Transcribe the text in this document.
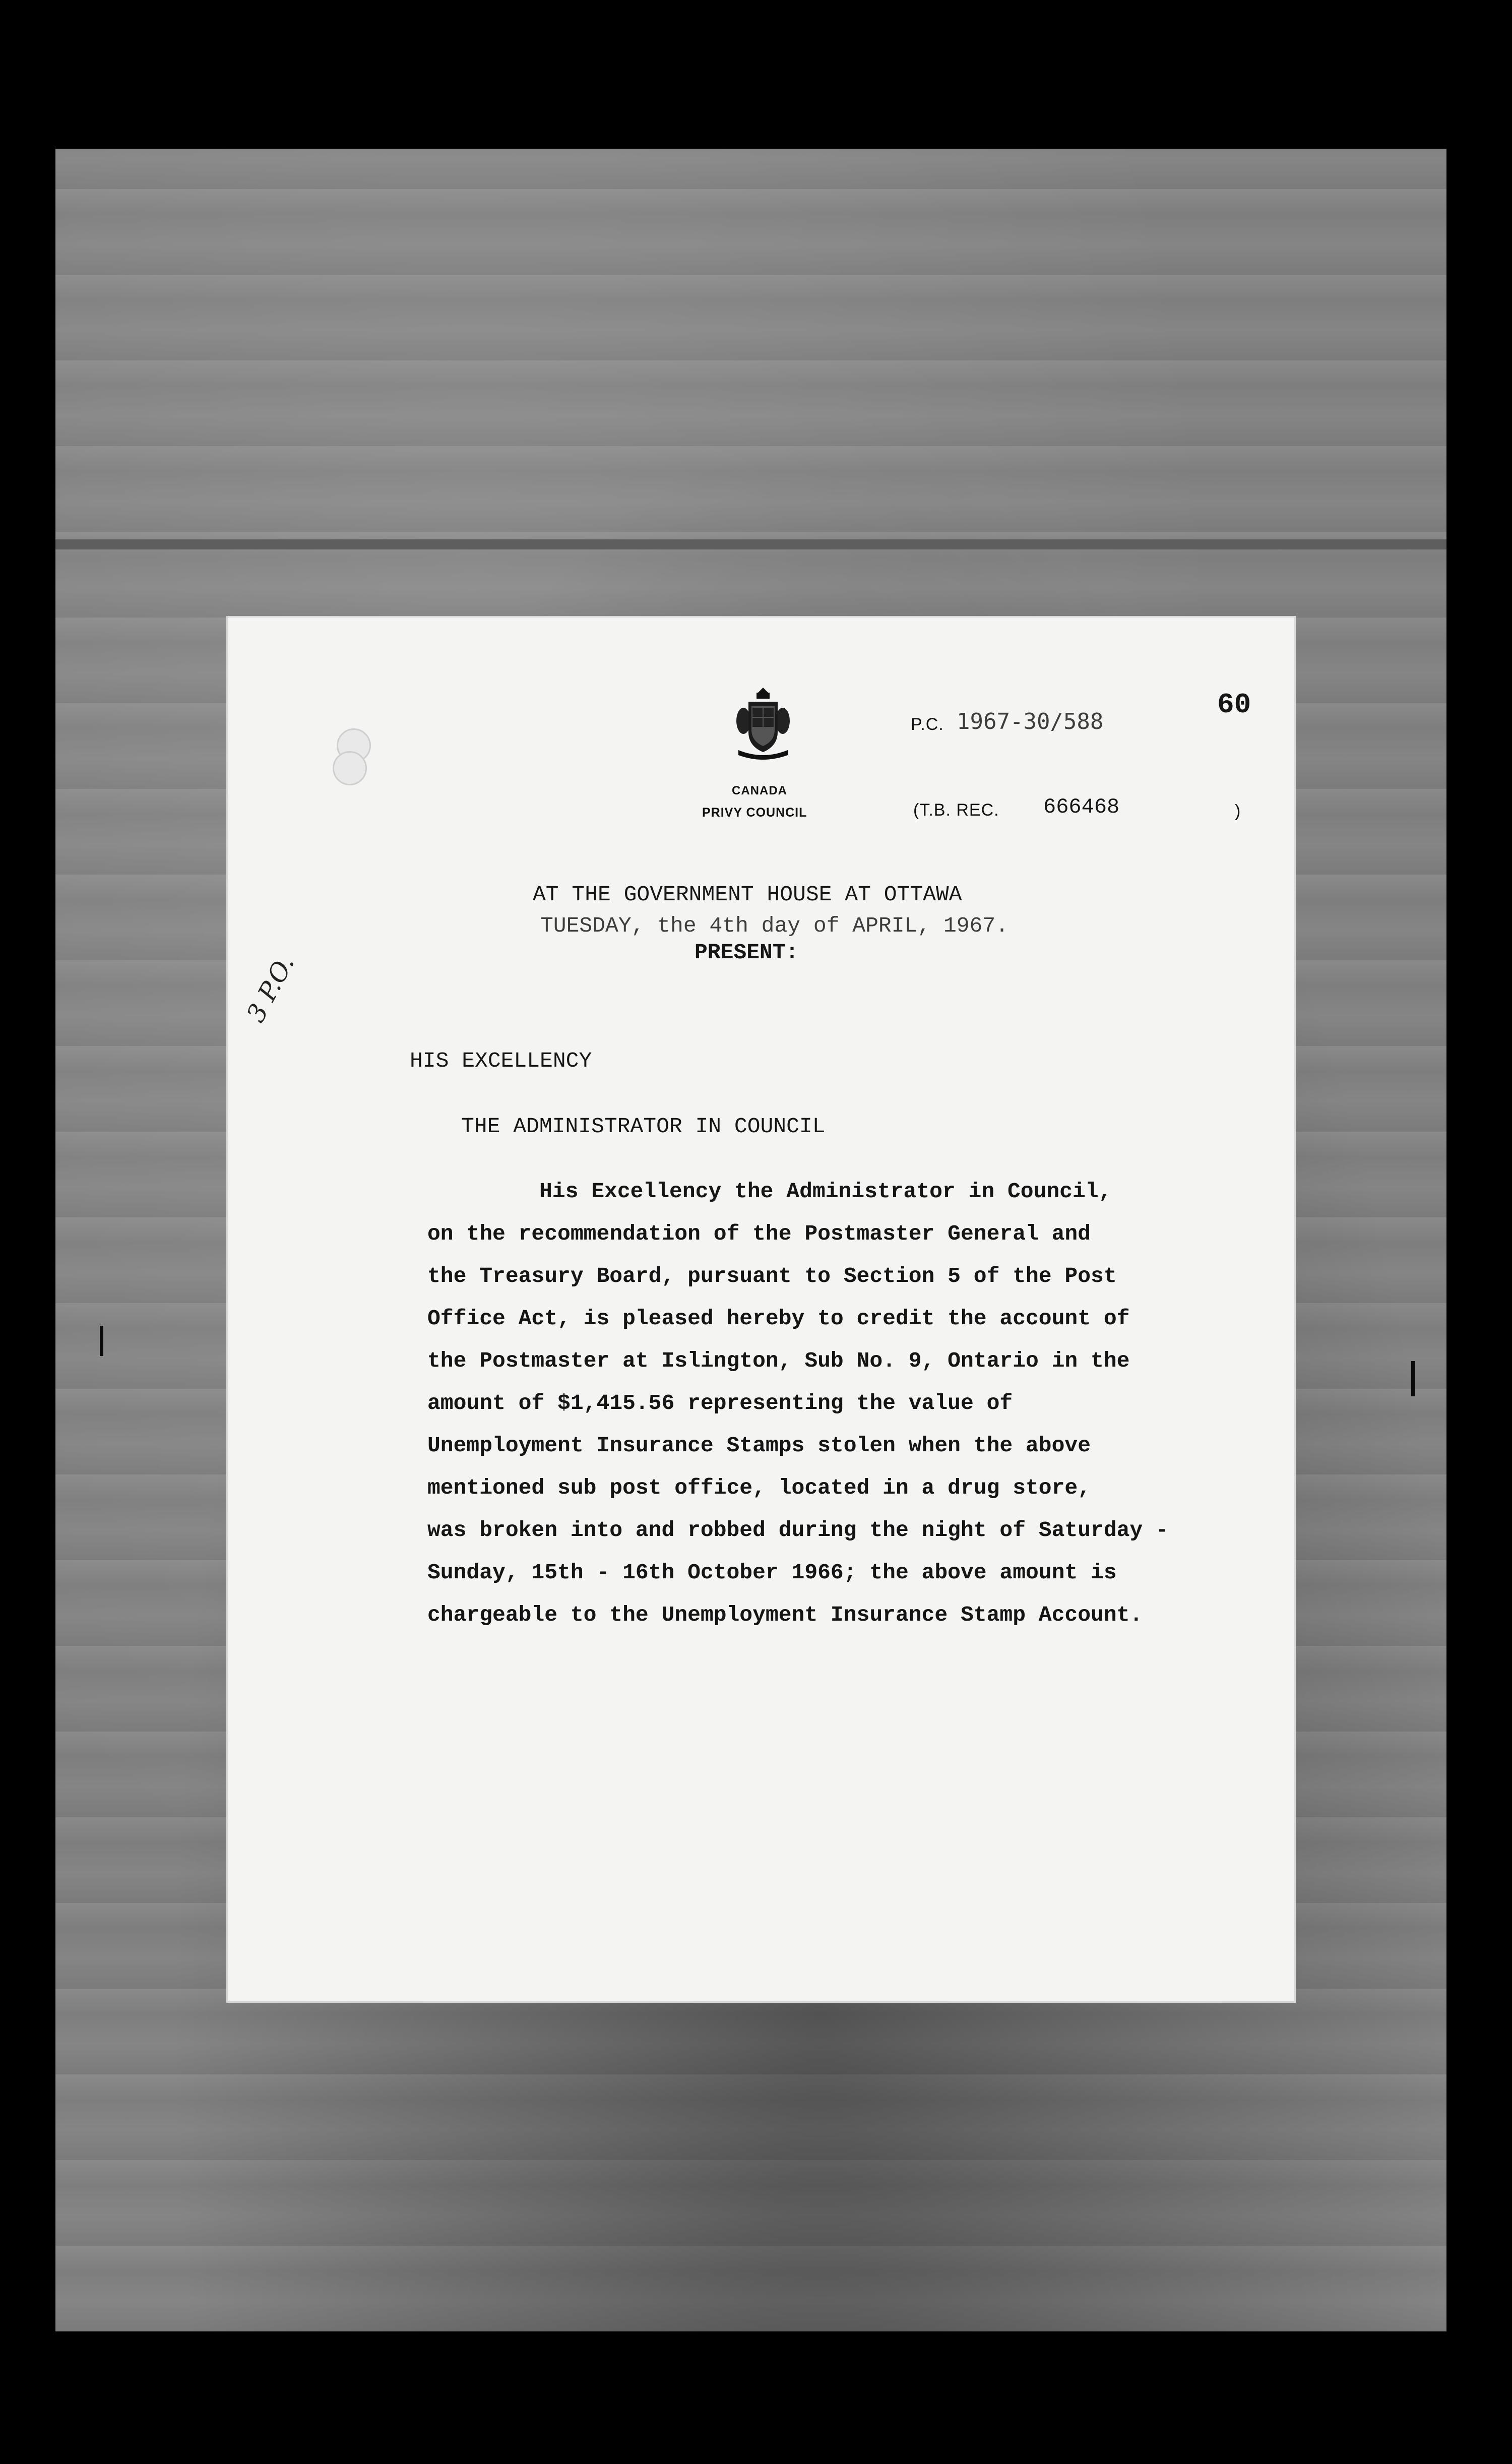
CANADA
PRIVY COUNCIL
P.C. 1967-30/588
60
(T.B. REC. 666468	)
AT THE GOVERNMENT HOUSE AT OTTAWA
TUESDAY, the 4th day of APRIL, 1967.
PRESENT:
3 P.O.
HIS EXCELLENCY
THE ADMINISTRATOR IN COUNCIL
His Excellency the Administrator in Council,
on the recommendation of the Postmaster General and
the Treasury Board, pursuant to Section 5 of the Post
Office Act, is pleased hereby to credit the account of
the Postmaster at Islington, Sub No. 9, Ontario in the
amount of $1,415.56 representing the value of
Unemployment Insurance Stamps stolen when the above
mentioned sub post office, located in a drug store,
was broken into and robbed during the night of Saturday -
Sunday, 15th - 16th October 1966; the above amount is
chargeable to the Unemployment Insurance Stamp Account.
